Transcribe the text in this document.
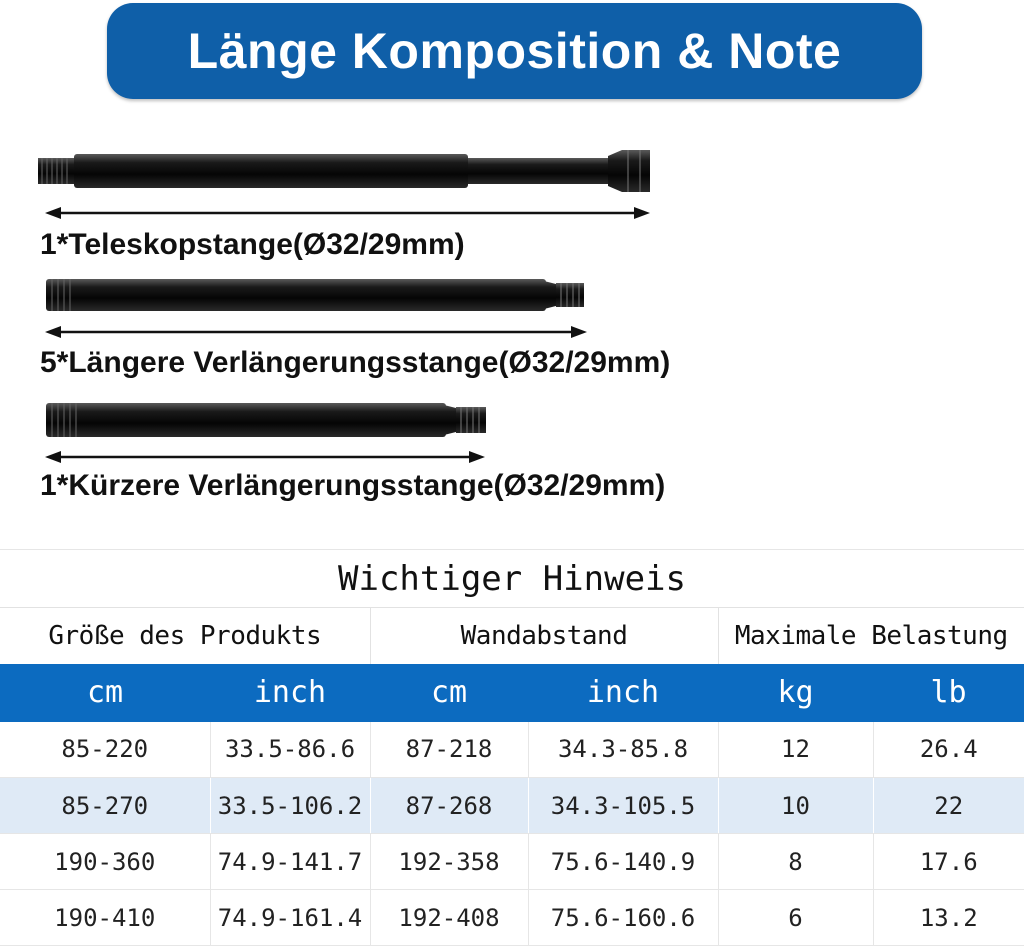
Länge Komposition & Note
1*Teleskopstange(Ø32/29mm)
5*Längere Verlängerungsstange(Ø32/29mm)
1*Kürzere Verlängerungsstange(Ø32/29mm)
Wichtiger Hinweis
Größe des Produkts		Wandabstand		Maximale Belastung	
cm	inch	cm	inch	kg	lb
85-220	33.5-86.6	87-218	34.3-85.8	12	26.4
85-270	33.5-106.2	87-268	34.3-105.5	10	22
190-360	74.9-141.7	192-358	75.6-140.9	8	17.6
190-410	74.9-161.4	192-408	75.6-160.6	6	13.2
